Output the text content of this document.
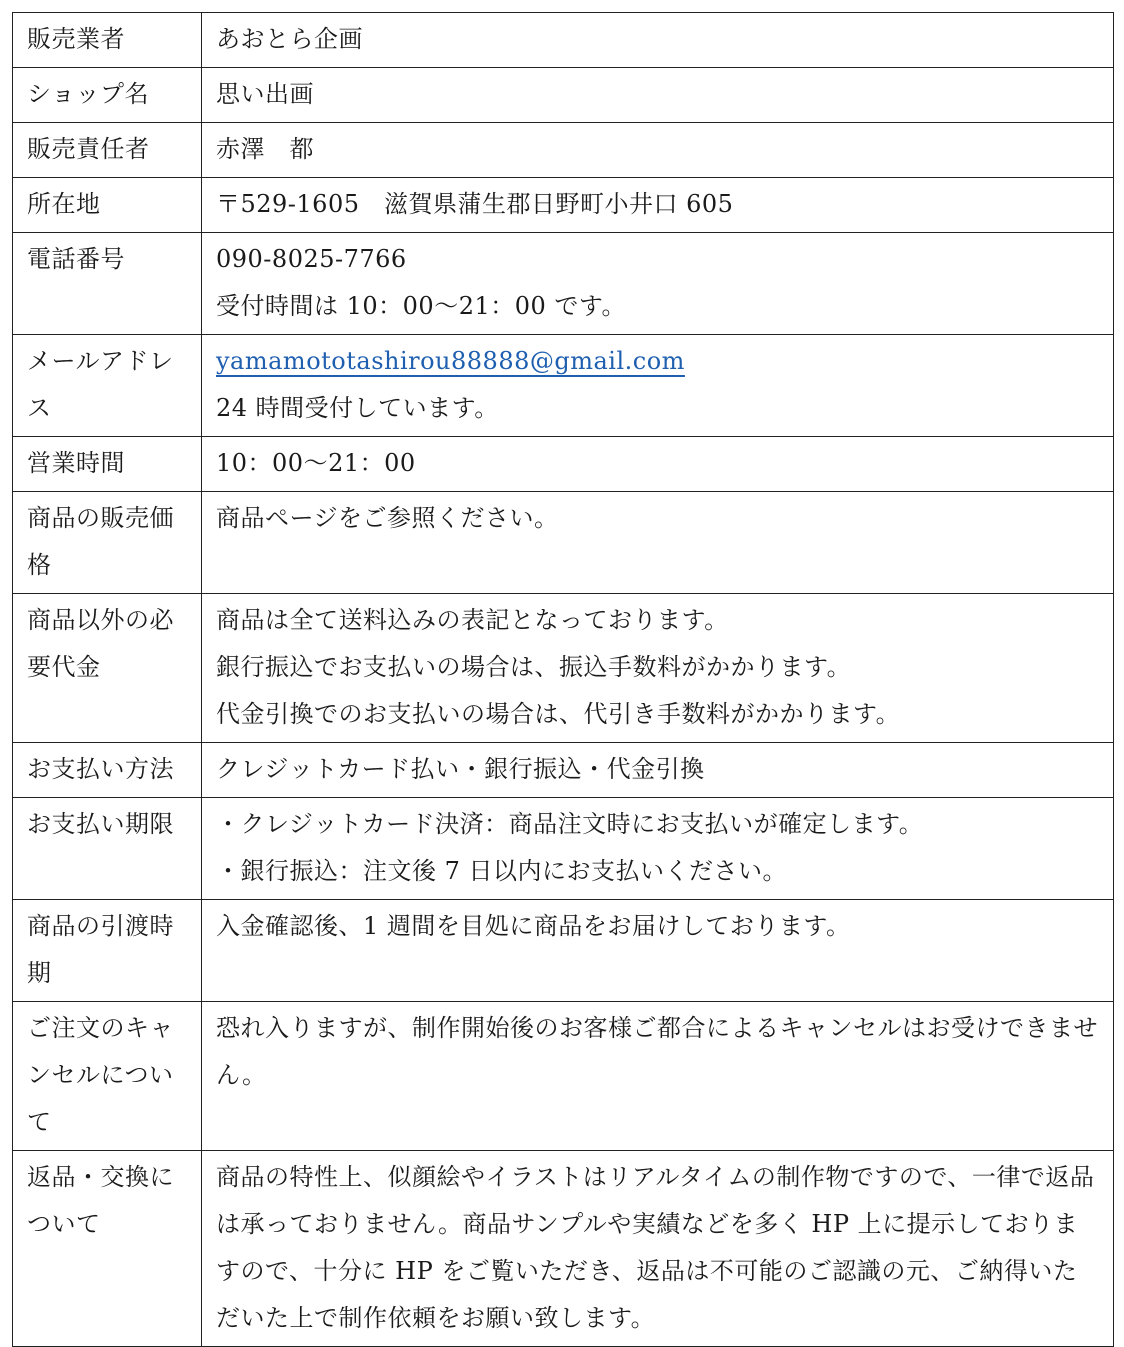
販売業者	あおとら企画

ショップ名	思い出画

販売責任者	赤澤　都

所在地	〒529-1605　滋賀県蒲生郡日野町小井口 605

電話番号	090-8025-7766
受付時間は 10：00～21：00 です。

メールアドレス	yamamototashirou88888@gmail.com
24 時間受付しています。

営業時間	10：00～21：00

商品の販売価格	商品ページをご参照ください。

商品以外の必要代金	商品は全て送料込みの表記となっております。
銀行振込でお支払いの場合は、振込手数料がかかります。
代金引換でのお支払いの場合は、代引き手数料がかかります。

お支払い方法	クレジットカード払い・銀行振込・代金引換

お支払い期限	・クレジットカード決済：商品注文時にお支払いが確定します。
・銀行振込：注文後 7 日以内にお支払いください。

商品の引渡時期	入金確認後、1 週間を目処に商品をお届けしております。

ご注文のキャンセルについて	恐れ入りますが、制作開始後のお客様ご都合によるキャンセルはお受けできません。

返品・交換について	商品の特性上、似顔絵やイラストはリアルタイムの制作物ですので、一律で返品は承っておりません。商品サンプルや実績などを多く HP 上に提示しておりますので、十分に HP をご覧いただき、返品は不可能のご認識の元、ご納得いただいた上で制作依頼をお願い致します。
